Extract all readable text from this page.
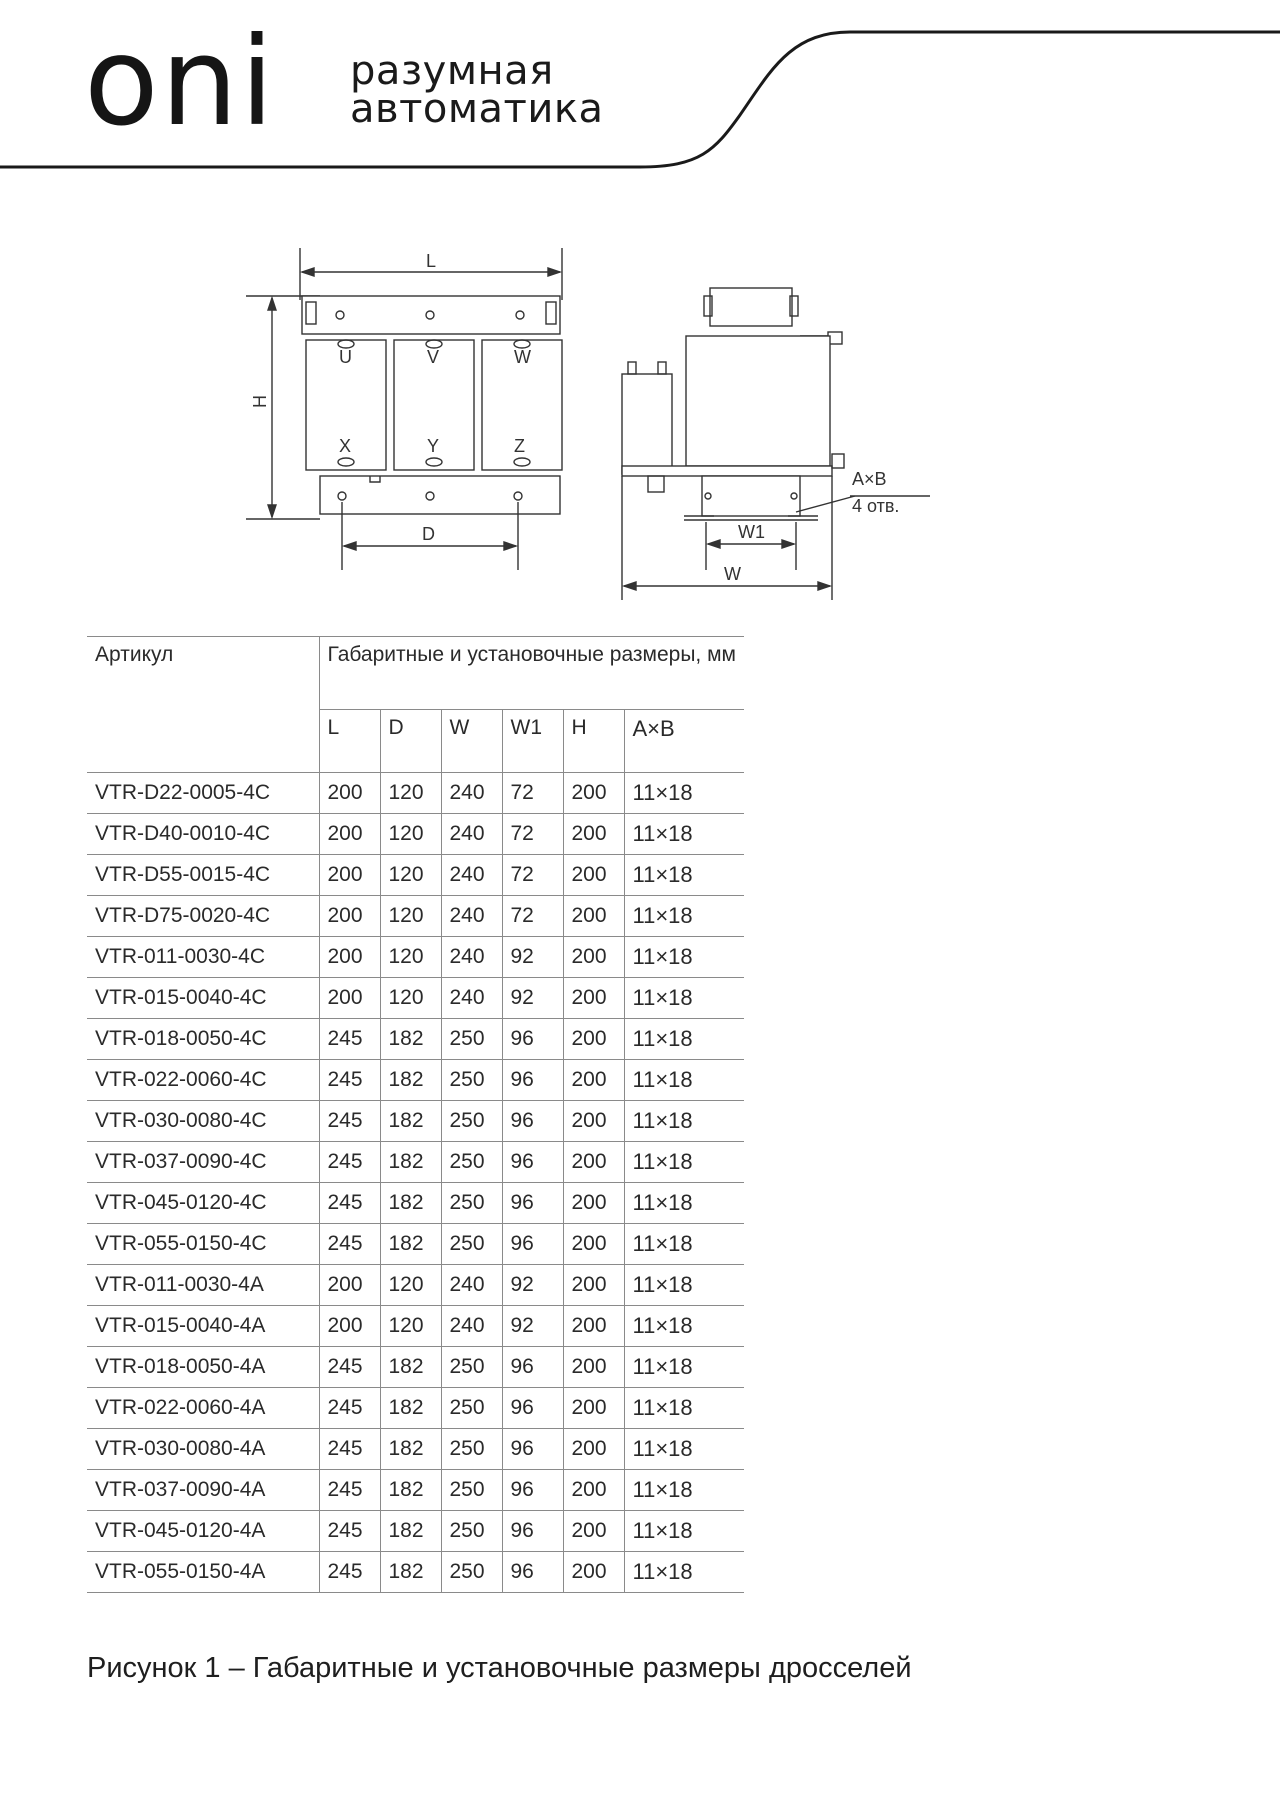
oni разумная
автоматика
L
H
U	V	W
X	Y	Z
D
A×B
4 отв.
W1
W
Артикул	Габаритные и установочные размеры, мм					
	L	D	W	W1	H	A×B
VTR-D22-0005-4C	200	120	240	72	200	11×18
VTR-D40-0010-4C	200	120	240	72	200	11×18
VTR-D55-0015-4C	200	120	240	72	200	11×18
VTR-D75-0020-4C	200	120	240	72	200	11×18
VTR-011-0030-4C	200	120	240	92	200	11×18
VTR-015-0040-4C	200	120	240	92	200	11×18
VTR-018-0050-4C	245	182	250	96	200	11×18
VTR-022-0060-4C	245	182	250	96	200	11×18
VTR-030-0080-4C	245	182	250	96	200	11×18
VTR-037-0090-4C	245	182	250	96	200	11×18
VTR-045-0120-4C	245	182	250	96	200	11×18
VTR-055-0150-4C	245	182	250	96	200	11×18
VTR-011-0030-4A	200	120	240	92	200	11×18
VTR-015-0040-4A	200	120	240	92	200	11×18
VTR-018-0050-4A	245	182	250	96	200	11×18
VTR-022-0060-4A	245	182	250	96	200	11×18
VTR-030-0080-4A	245	182	250	96	200	11×18
VTR-037-0090-4A	245	182	250	96	200	11×18
VTR-045-0120-4A	245	182	250	96	200	11×18
VTR-055-0150-4A	245	182	250	96	200	11×18
Рисунок 1 – Габаритные и установочные размеры дросселей
